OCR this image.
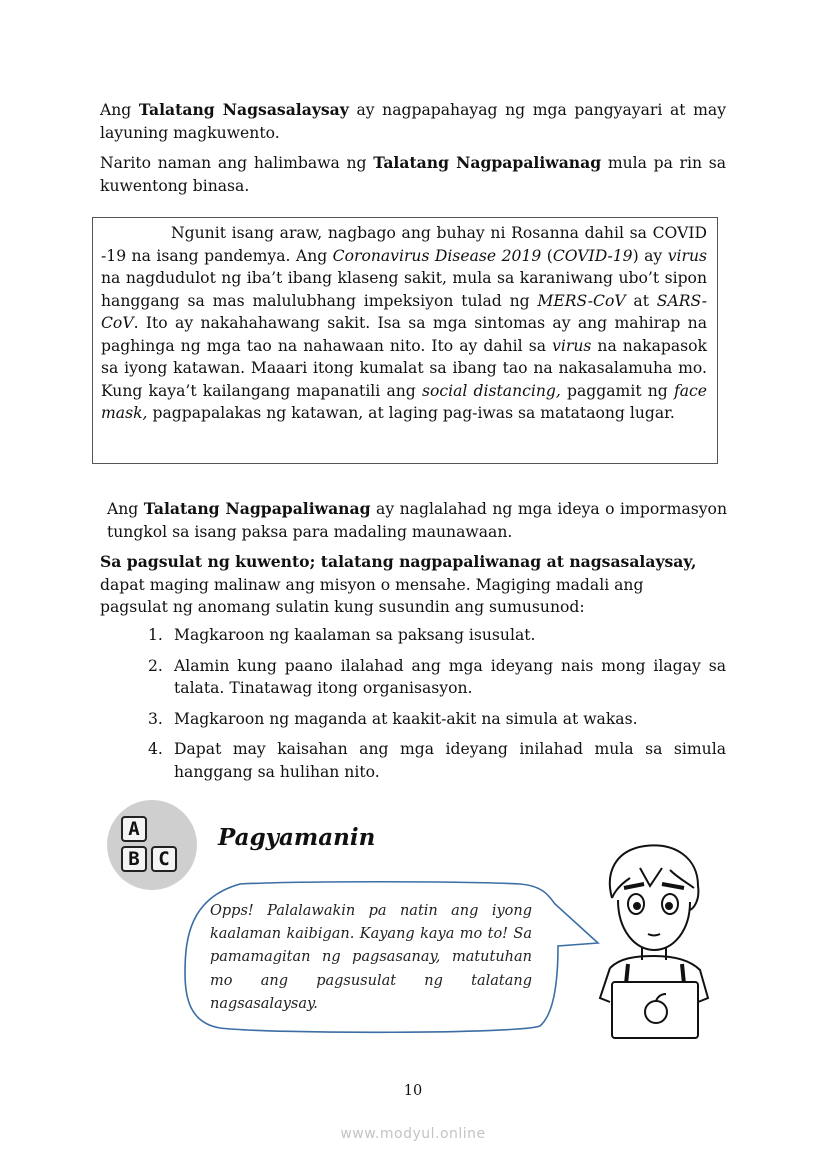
Ang Talatang Nagsasalaysay ay nagpapahayag ng mga pangyayari at may layuning magkuwento.
Narito naman ang halimbawa ng Talatang Nagpapaliwanag mula pa rin sa kuwentong binasa.
Ngunit isang araw, nagbago ang buhay ni Rosanna dahil sa COVID -19 na isang pandemya. Ang Coronavirus Disease 2019 (COVID-19) ay virus na nagdudulot ng iba’t ibang klaseng sakit, mula sa karaniwang ubo’t sipon hanggang sa mas malulubhang impeksiyon tulad ng MERS-CoV at SARS-CoV. Ito ay nakahahawang sakit. Isa sa mga sintomas ay ang mahirap na paghinga ng mga tao na nahawaan nito. Ito ay dahil sa virus na nakapasok sa iyong katawan. Maaari itong kumalat sa ibang tao na nakasalamuha mo. Kung kaya’t kailangang mapanatili ang social distancing, paggamit ng face mask, pagpapalakas ng katawan, at laging pag-iwas sa matataong lugar.
Ang Talatang Nagpapaliwanag ay naglalahad ng mga ideya o impormasyon tungkol sa isang paksa para madaling maunawaan.
Sa pagsulat ng kuwento; talatang nagpapaliwanag at nagsasalaysay,
dapat maging malinaw ang misyon o mensahe. Magiging madali ang
pagsulat ng anomang sulatin kung susundin ang sumusunod:
1. Magkaroon ng kaalaman sa paksang isusulat.
2. Alamin kung paano ilalahad ang mga ideyang nais mong ilagay sa talata. Tinatawag itong organisasyon.
3. Magkaroon ng maganda at kaakit-akit na simula at wakas.
4. Dapat may kaisahan ang mga ideyang inilahad mula sa simula hanggang sa hulihan nito.
A
B C
Pagyamanin
Opps! Palalawakin pa natin ang iyong kaalaman kaibigan. Kayang kaya mo to! Sa pamamagitan ng pagsasanay, matutuhan mo ang pagsusulat ng talatang nagsasalaysay.
10
www.modyul.online
